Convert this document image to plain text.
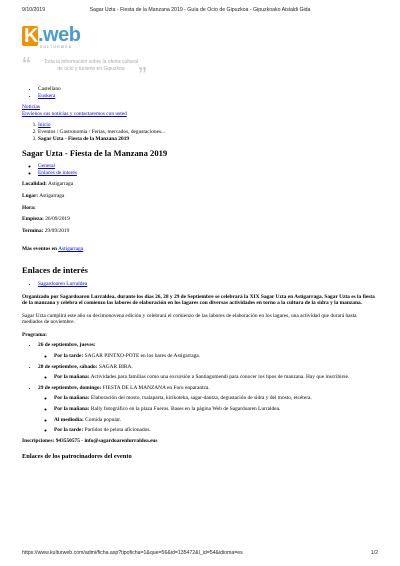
9/10/2019	Sagar Uzta - Fiesta de la Manzana 2019 - Guía de Ocio de Gipuzkoa - Gipuzkoako Aisialdi Gida
K .web
KULTURWEB
“	Toda la información sobre la oferta cultural
de ocio y turismo en Gipuzkoa ”
• Castellano
• Euskera
Noticias
Envíenos sus noticias y contactaremos con usted
1. Inicio
2. Eventos / Gastronomía / Ferias, mercados, degustaciones...
3. Sagar Uzta - Fiesta de la Manzana 2019
Sagar Uzta - Fiesta de la Manzana 2019
◦ General
◦ Enlaces de interés
Localidad: Astigarraga
Lugar: Astigarraga
Hora:
Empieza: 26/09/2019
Termina: 29/09/2019
Más eventos en Astigarraga
Enlaces de interés
• Sagardoaren Lurraldea
Organizado por Sagardoaren Lurraldea, durante los días 26, 28 y 29 de Septiembre se celebrará la XIX Sagar Uzta en Astigarraga. Sagar Uzta es la fiesta de la manzana y celebra el comienzo las labores de elaboración en los lagares con diversas actividades en torno a la cultura de la sidra y la manzana.
Sagar Uzta cumplirá este año su decimonovena edición y celebrará el comienzo de las labores de elaboración en los lagares, una actividad que durará hasta mediados de noviembre.
Programa:
• 26 de septiembre, jueves:
◦ Por la tarde: SAGAR PINTXO-POTE en los bares de Astigarraga.
• 28 de septiembre, sábado: SAGAR BIRA.
◦ Por la mañana: Actividades para familias como una excursión a Santiagomendi para conocer los tipos de manzana. Hay que inscribirse.
• 29 de septiembre, domingo: FIESTA DE LA MANZANA en Foru enparantza.
◦ Por la mañana: Elaboración del mosto, txalaparta, kirikoteka, sagar-dantza, degustación de sidra y del mosto, etcétera.
◦ Por la mañana: Rally fotográfico en la plaza Fueros. Bases en la página Web de Sagardoaren Lurraldea.
◦ Al mediodía: Comida popular.
◦ Por la tarde: Partidos de pelota aficionados.
Inscripciones: 943550575 - info@sagardoarenlurraldea.eus
Enlaces de los patrocinadores del evento
https://www.kulturweb.com/admi/ficha.asp?tipoficha=1&que=56&id=135472&l_id=54&idioma=es	1/2
